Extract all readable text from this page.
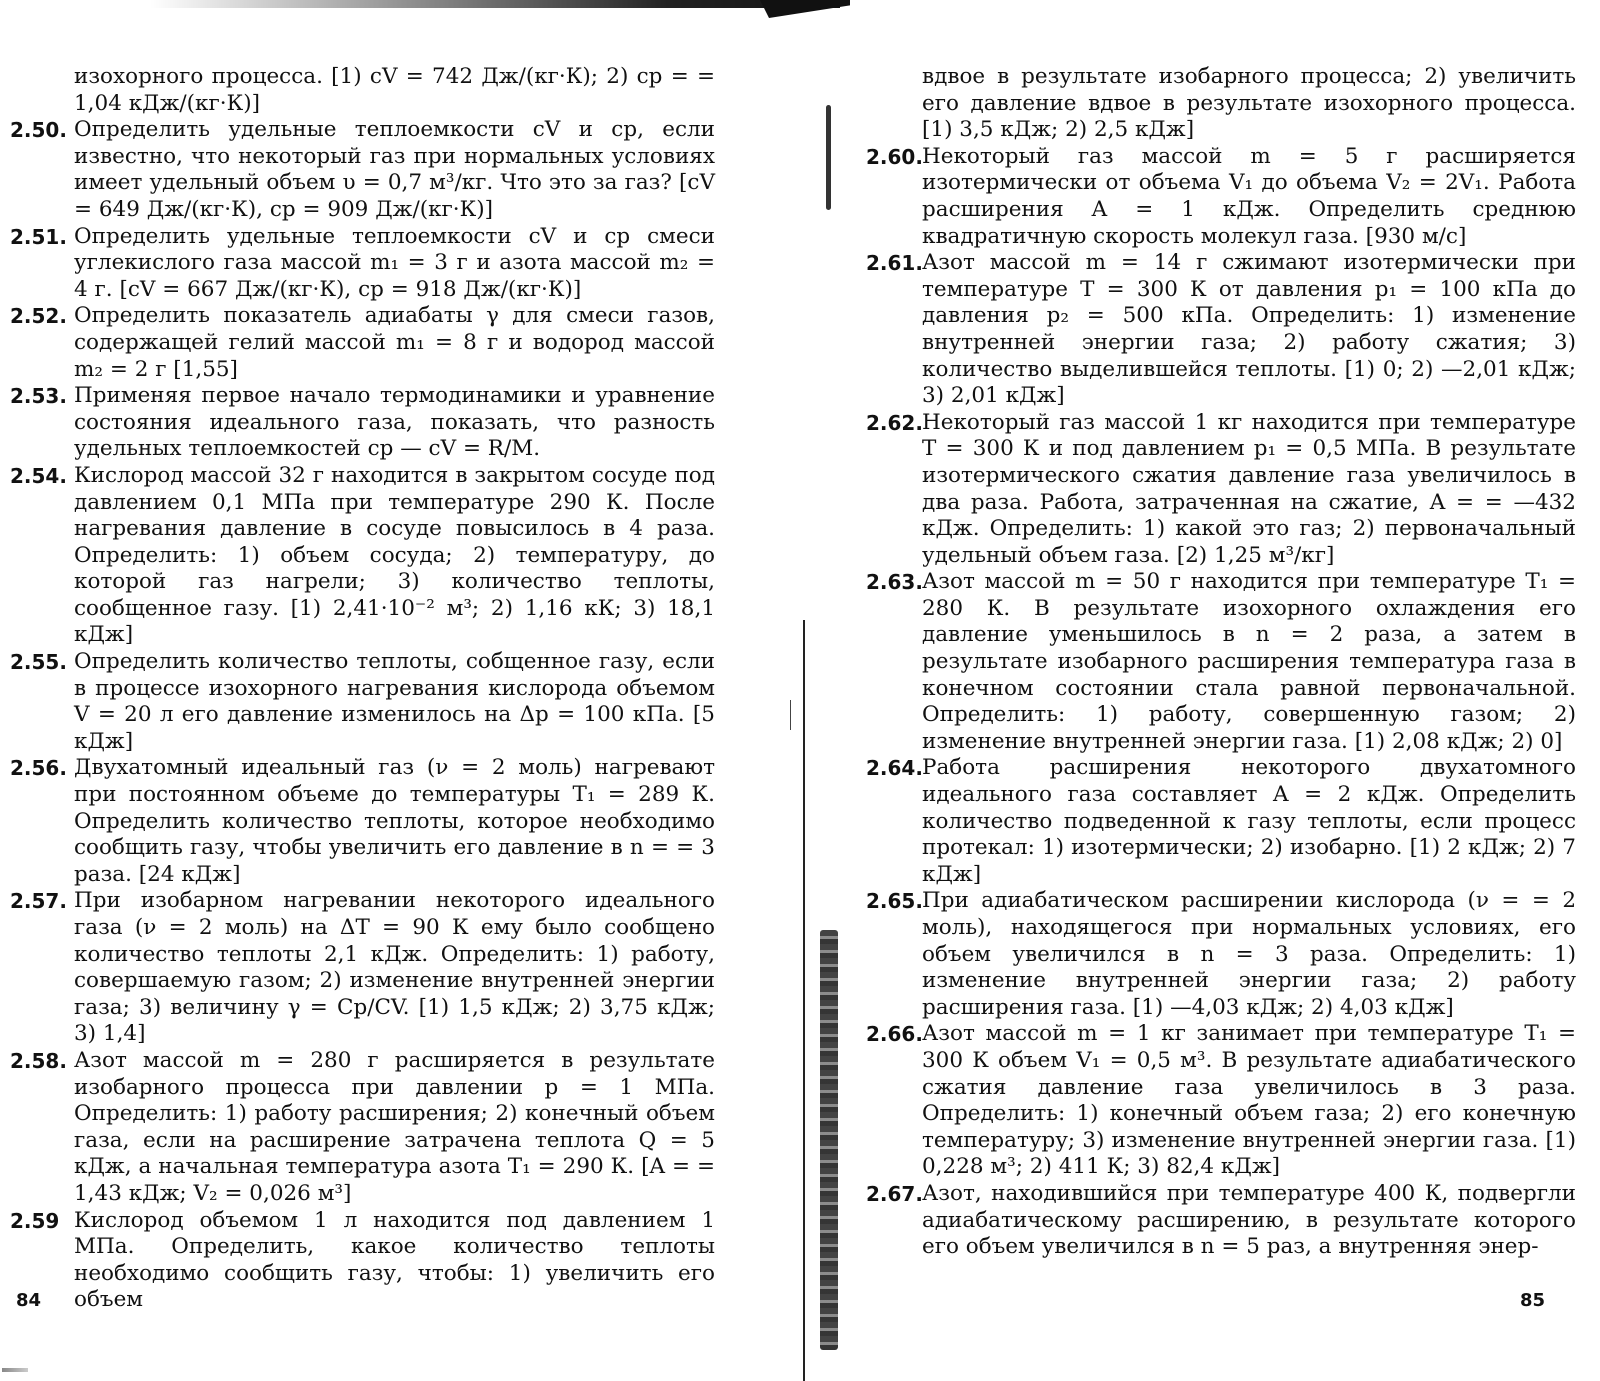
изохорного процесса. [1) cV = 742 Дж/(кг·К); 2) cp = = 1,04 кДж/(кг·К)]
2.50. Определить удельные теплоемкости cV и cp, если известно, что некоторый газ при нормальных условиях имеет удельный объем υ = 0,7 м³/кг. Что это за газ? [cV = 649 Дж/(кг·К), cp = 909 Дж/(кг·К)]
2.51. Определить удельные теплоемкости cV и cp смеси углекислого газа массой m₁ = 3 г и азота массой m₂ = 4 г. [cV = 667 Дж/(кг·К), cp = 918 Дж/(кг·К)]
2.52. Определить показатель адиабаты γ для смеси газов, содержащей гелий массой m₁ = 8 г и водород массой m₂ = 2 г [1,55]
2.53. Применяя первое начало термодинамики и уравнение состояния идеального газа, показать, что разность удельных теплоемкостей cp — cV = R/M.
2.54. Кислород массой 32 г находится в закрытом сосуде под давлением 0,1 МПа при температуре 290 К. После нагревания давление в сосуде повысилось в 4 раза. Определить: 1) объем сосуда; 2) температуру, до которой газ нагрели; 3) количество теплоты, сообщенное газу. [1) 2,41·10⁻² м³; 2) 1,16 кК; 3) 18,1 кДж]
2.55. Определить количество теплоты, собщенное газу, если в процессе изохорного нагревания кислорода объемом V = 20 л его давление изменилось на Δp = 100 кПа. [5 кДж]
2.56. Двухатомный идеальный газ (ν = 2 моль) нагревают при постоянном объеме до температуры T₁ = 289 К. Определить количество теплоты, которое необходимо сообщить газу, чтобы увеличить его давление в n = = 3 раза. [24 кДж]
2.57. При изобарном нагревании некоторого идеального газа (ν = 2 моль) на ΔT = 90 К ему было сообщено количество теплоты 2,1 кДж. Определить: 1) работу, совершаемую газом; 2) изменение внутренней энергии газа; 3) величину γ = Cp/CV. [1) 1,5 кДж; 2) 3,75 кДж; 3) 1,4]
2.58. Азот массой m = 280 г расширяется в результате изобарного процесса при давлении p = 1 МПа. Определить: 1) работу расширения; 2) конечный объем газа, если на расширение затрачена теплота Q = 5 кДж, а начальная температура азота T₁ = 290 К. [A = = 1,43 кДж; V₂ = 0,026 м³]
2.59 Кислород объемом 1 л находится под давлением 1 МПа. Определить, какое количество теплоты необходимо сообщить газу, чтобы: 1) увеличить его объем
вдвое в результате изобарного процесса; 2) увеличить его давление вдвое в результате изохорного процесса. [1) 3,5 кДж; 2) 2,5 кДж]
2.60. Некоторый газ массой m = 5 г расширяется изотермически от объема V₁ до объема V₂ = 2V₁. Работа расширения A = 1 кДж. Определить среднюю квадратичную скорость молекул газа. [930 м/с]
2.61. Азот массой m = 14 г сжимают изотермически при температуре T = 300 К от давления p₁ = 100 кПа до давления p₂ = 500 кПа. Определить: 1) изменение внутренней энергии газа; 2) работу сжатия; 3) количество выделившейся теплоты. [1) 0; 2) —2,01 кДж; 3) 2,01 кДж]
2.62. Некоторый газ массой 1 кг находится при температуре T = 300 К и под давлением p₁ = 0,5 МПа. В результате изотермического сжатия давление газа увеличилось в два раза. Работа, затраченная на сжатие, A = = —432 кДж. Определить: 1) какой это газ; 2) первоначальный удельный объем газа. [2) 1,25 м³/кг]
2.63. Азот массой m = 50 г находится при температуре T₁ = 280 К. В результате изохорного охлаждения его давление уменьшилось в n = 2 раза, а затем в результате изобарного расширения температура газа в конечном состоянии стала равной первоначальной. Определить: 1) работу, совершенную газом; 2) изменение внутренней энергии газа. [1) 2,08 кДж; 2) 0]
2.64. Работа расширения некоторого двухатомного идеального газа составляет A = 2 кДж. Определить количество подведенной к газу теплоты, если процесс протекал: 1) изотермически; 2) изобарно. [1) 2 кДж; 2) 7 кДж]
2.65. При адиабатическом расширении кислорода (ν = = 2 моль), находящегося при нормальных условиях, его объем увеличился в n = 3 раза. Определить: 1) изменение внутренней энергии газа; 2) работу расширения газа. [1) —4,03 кДж; 2) 4,03 кДж]
2.66. Азот массой m = 1 кг занимает при температуре T₁ = 300 К объем V₁ = 0,5 м³. В результате адиабатического сжатия давление газа увеличилось в 3 раза. Определить: 1) конечный объем газа; 2) его конечную температуру; 3) изменение внутренней энергии газа. [1) 0,228 м³; 2) 411 К; 3) 82,4 кДж]
2.67. Азот, находившийся при температуре 400 К, подвергли адиабатическому расширению, в результате которого его объем увеличился в n = 5 раз, а внутренняя энер-
84	85
